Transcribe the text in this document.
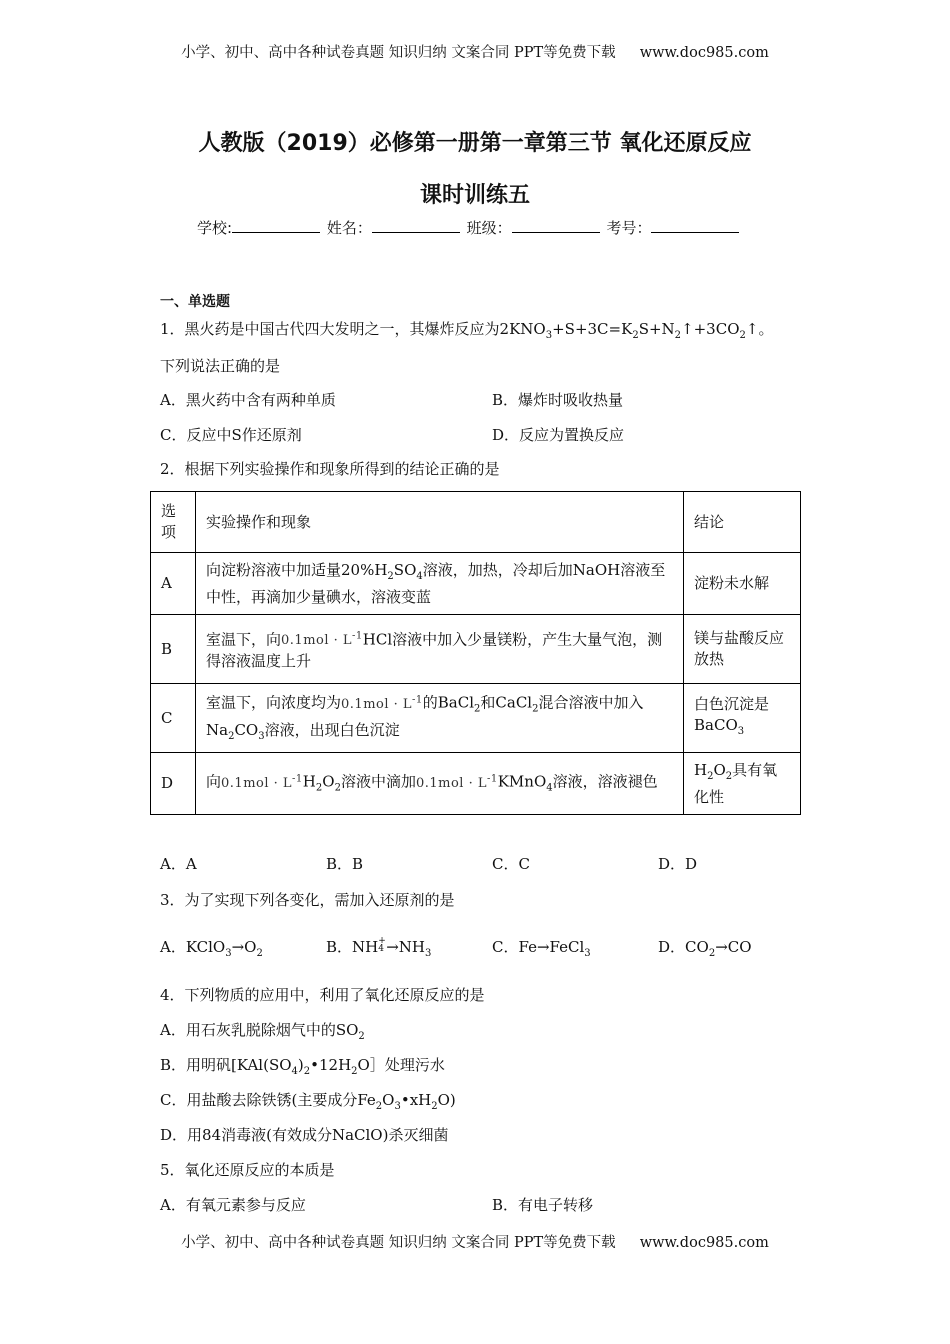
小学、初中、高中各种试卷真题 知识归纳 文案合同 PPT等免费下载 www.doc985.com
人教版（2019）必修第一册第一章第三节 氧化还原反应
课时训练五
学校:	姓名：	班级：	考号：
一、单选题
1．黑火药是中国古代四大发明之一，其爆炸反应为$2KNO_3+S+3C=K_2S+N_2↑+3CO_2↑$。
下列说法正确的是
A．黑火药中含有两种单质	B．爆炸时吸收热量
C．反应中S作还原剂	D．反应为置换反应
2．根据下列实验操作和现象所得到的结论正确的是
选项	实验操作和现象	结论
A	向淀粉溶液中加适量$20\%H_2SO_4$溶液，加热，冷却后加NaOH溶液至中性，再滴加少量碘水，溶液变蓝	淀粉未水解
B	室温下，向$0.1mol \cdot L^{-1}HCl$溶液中加入少量镁粉，产生大量气泡，测得溶液温度上升	镁与盐酸反应放热
C	室温下，向浓度均为$0.1mol \cdot L^{-1}$的BaCl$_2$和CaCl$_2$混合溶液中加入$Na_2CO_3$溶液，出现白色沉淀	白色沉淀是BaCO$_3$
D	向$0.1mol \cdot L^{-1}H_2O_2$溶液中滴加$0.1mol \cdot L^{-1}KMnO_4$溶液，溶液褪色	$H_2O_2$具有氧化性
A．A	B．B	C．C	D．D
3．为了实现下列各变化，需加入还原剂的是
A．$KClO_3\to O_2$	B．NH +
$4 \to NH_3$	C．Fe→FeCl$_3$	D．$CO_2\to CO$
4．下列物质的应用中，利用了氧化还原反应的是
A．用石灰乳脱除烟气中的$SO_2$
B．用明矾[$KAl(SO_4)_2•12H_2O]$处理污水
C．用盐酸去除铁锈(主要成分$Fe_2O_3•xH_2O$)
D．用84消毒液(有效成分NaClO)杀灭细菌
5．氧化还原反应的本质是
A．有氧元素参与反应	B．有电子转移
小学、初中、高中各种试卷真题 知识归纳 文案合同 PPT等免费下载 www.doc985.com
